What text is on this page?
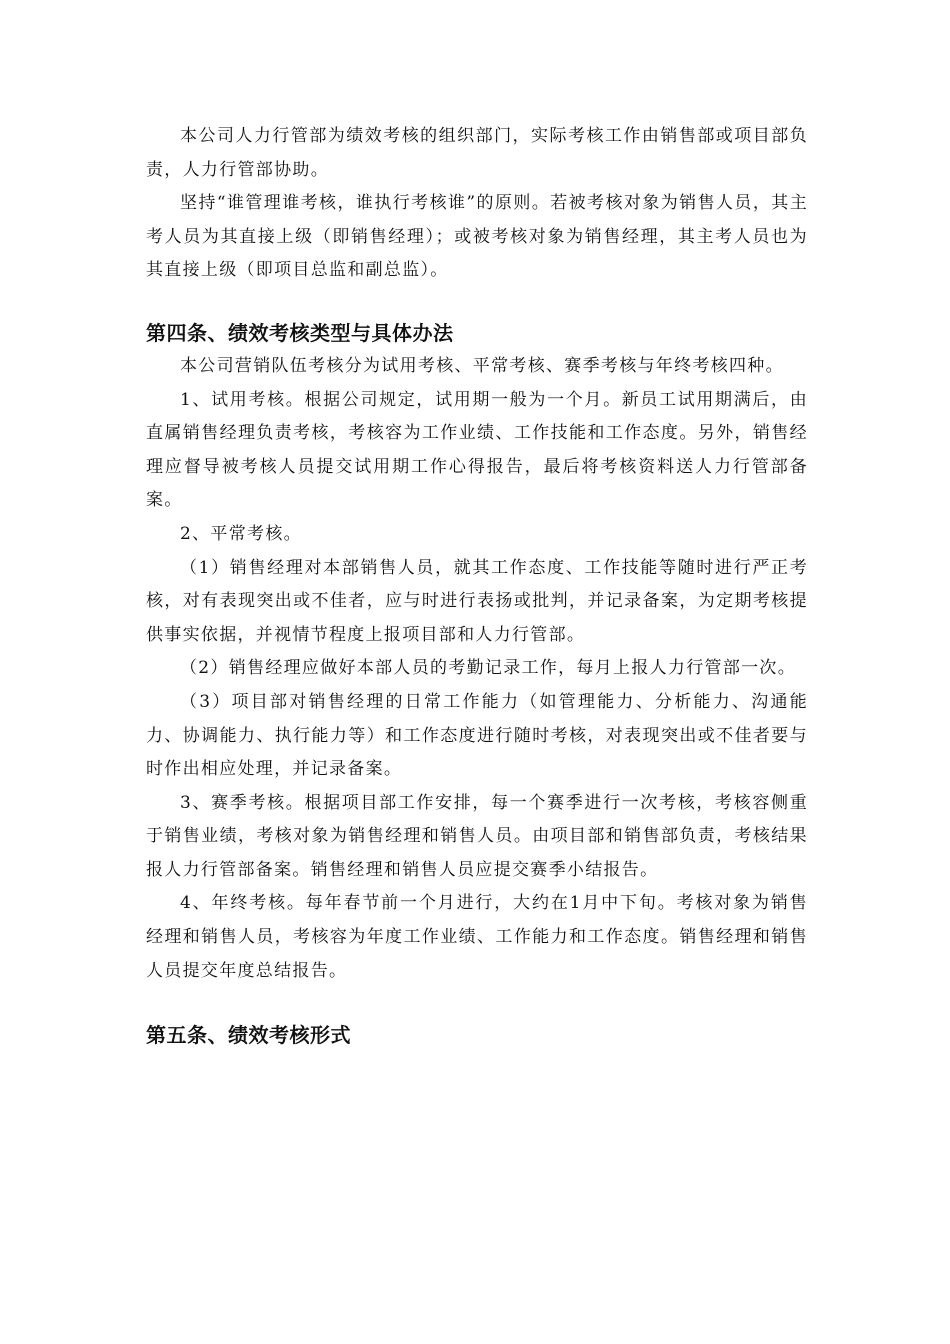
本公司人力行管部为绩效考核的组织部门，实际考核工作由销售部或项目部负责，人力行管部协助。

坚持“谁管理谁考核，谁执行考核谁”的原则。若被考核对象为销售人员，其主考人员为其直接上级（即销售经理）；或被考核对象为销售经理，其主考人员也为其直接上级（即项目总监和副总监）。

第四条、绩效考核类型与具体办法

本公司营销队伍考核分为试用考核、平常考核、赛季考核与年终考核四种。

1、试用考核。根据公司规定，试用期一般为一个月。新员工试用期满后，由直属销售经理负责考核，考核容为工作业绩、工作技能和工作态度。另外，销售经理应督导被考核人员提交试用期工作心得报告，最后将考核资料送人力行管部备案。

2、平常考核。

（1）销售经理对本部销售人员，就其工作态度、工作技能等随时进行严正考核，对有表现突出或不佳者，应与时进行表扬或批判，并记录备案，为定期考核提供事实依据，并视情节程度上报项目部和人力行管部。

（2）销售经理应做好本部人员的考勤记录工作，每月上报人力行管部一次。

（3）项目部对销售经理的日常工作能力（如管理能力、分析能力、沟通能力、协调能力、执行能力等）和工作态度进行随时考核，对表现突出或不佳者要与时作出相应处理，并记录备案。

3、赛季考核。根据项目部工作安排，每一个赛季进行一次考核，考核容侧重于销售业绩，考核对象为销售经理和销售人员。由项目部和销售部负责，考核结果报人力行管部备案。销售经理和销售人员应提交赛季小结报告。

4、年终考核。每年春节前一个月进行，大约在1月中下旬。考核对象为销售经理和销售人员，考核容为年度工作业绩、工作能力和工作态度。销售经理和销售人员提交年度总结报告。

第五条、绩效考核形式
